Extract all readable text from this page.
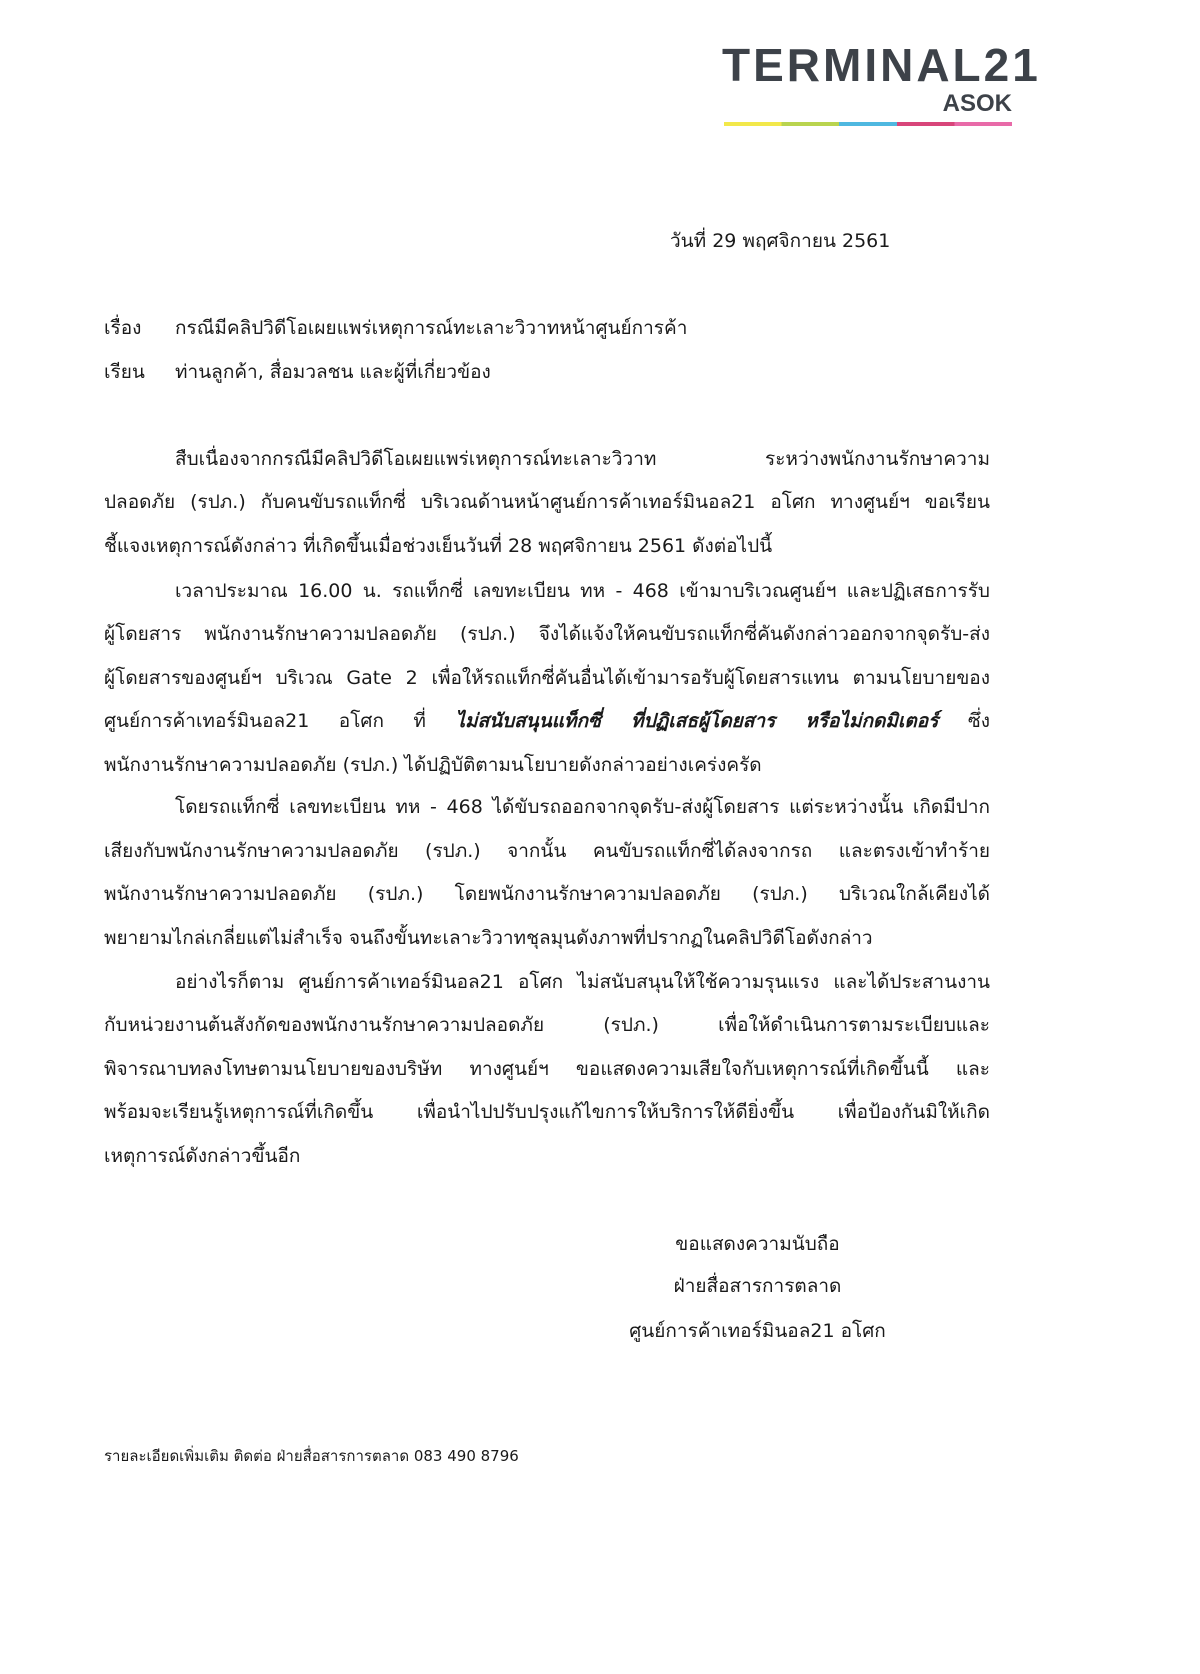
TERMINAL21
ASOK
วันที่ 29 พฤศจิกายน 2561
เรื่อง กรณีมีคลิปวิดีโอเผยแพร่เหตุการณ์ทะเลาะวิวาทหน้าศูนย์การค้า
เรียน ท่านลูกค้า, สื่อมวลชน และผู้ที่เกี่ยวข้อง
สืบเนื่องจากกรณีมีคลิปวิดีโอเผยแพร่เหตุการณ์ทะเลาะวิวาท ระหว่างพนักงานรักษาความ
ปลอดภัย (รปภ.) กับคนขับรถแท็กซี่ บริเวณด้านหน้าศูนย์การค้าเทอร์มินอล21 อโศก ทางศูนย์ฯ ขอเรียน
ชี้แจงเหตุการณ์ดังกล่าว ที่เกิดขึ้นเมื่อช่วงเย็นวันที่ 28 พฤศจิกายน 2561 ดังต่อไปนี้
เวลาประมาณ 16.00 น. รถแท็กซี่ เลขทะเบียน ทห - 468 เข้ามาบริเวณศูนย์ฯ และปฏิเสธการรับ
ผู้โดยสาร พนักงานรักษาความปลอดภัย (รปภ.) จึงได้แจ้งให้คนขับรถแท็กซี่คันดังกล่าวออกจากจุดรับ-ส่ง
ผู้โดยสารของศูนย์ฯ บริเวณ Gate 2 เพื่อให้รถแท็กซี่คันอื่นได้เข้ามารอรับผู้โดยสารแทน ตามนโยบายของ
ศูนย์การค้าเทอร์มินอล21 อโศก ที่ ไม่สนับสนุนแท็กซี่ ที่ปฏิเสธผู้โดยสาร หรือไม่กดมิเตอร์ ซึ่ง
พนักงานรักษาความปลอดภัย (รปภ.) ได้ปฏิบัติตามนโยบายดังกล่าวอย่างเคร่งครัด
โดยรถแท็กซี่ เลขทะเบียน ทห - 468 ได้ขับรถออกจากจุดรับ-ส่งผู้โดยสาร แต่ระหว่างนั้น เกิดมีปาก
เสียงกับพนักงานรักษาความปลอดภัย (รปภ.) จากนั้น คนขับรถแท็กซี่ได้ลงจากรถ และตรงเข้าทำร้าย
พนักงานรักษาความปลอดภัย (รปภ.) โดยพนักงานรักษาความปลอดภัย (รปภ.) บริเวณใกล้เคียงได้
พยายามไกล่เกลี่ยแต่ไม่สำเร็จ จนถึงขั้นทะเลาะวิวาทชุลมุนดังภาพที่ปรากฏในคลิปวิดีโอดังกล่าว
อย่างไรก็ตาม ศูนย์การค้าเทอร์มินอล21 อโศก ไม่สนับสนุนให้ใช้ความรุนแรง และได้ประสานงาน
กับหน่วยงานต้นสังกัดของพนักงานรักษาความปลอดภัย (รปภ.) เพื่อให้ดำเนินการตามระเบียบและ
พิจารณาบทลงโทษตามนโยบายของบริษัท ทางศูนย์ฯ ขอแสดงความเสียใจกับเหตุการณ์ที่เกิดขึ้นนี้ และ
พร้อมจะเรียนรู้เหตุการณ์ที่เกิดขึ้น เพื่อนำไปปรับปรุงแก้ไขการให้บริการให้ดียิ่งขึ้น เพื่อป้องกันมิให้เกิด
เหตุการณ์ดังกล่าวขึ้นอีก
ขอแสดงความนับถือ
ฝ่ายสื่อสารการตลาด
ศูนย์การค้าเทอร์มินอล21 อโศก
รายละเอียดเพิ่มเติม ติดต่อ ฝ่ายสื่อสารการตลาด 083 490 8796
